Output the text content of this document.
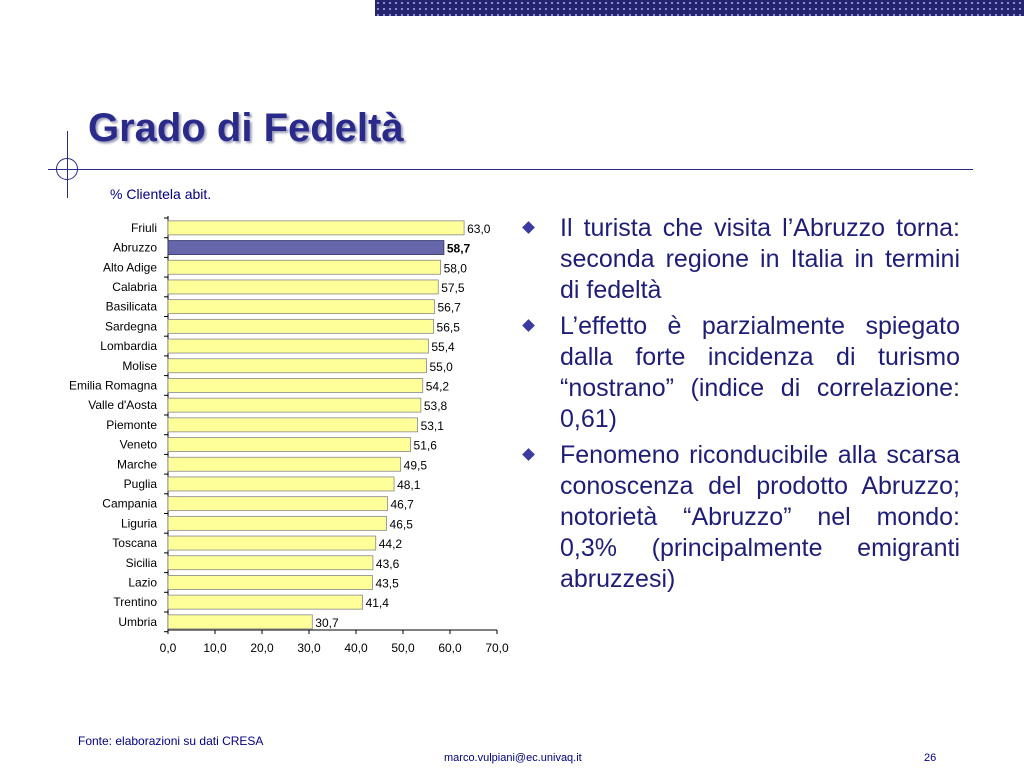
Grado di Fedeltà
% Clientela abit.
Friuli	63,0
Abruzzo	58,7
Alto Adige	58,0
Calabria	57,5
Basilicata	56,7
Sardegna	56,5
Lombardia	55,4
Molise	55,0
Emilia Romagna	54,2
Valle d'Aosta	53,8
Piemonte	53,1
Veneto	51,6
Marche	49,5
Puglia	48,1
Campania	46,7
Liguria	46,5
Toscana	44,2
Sicilia	43,6
Lazio	43,5
Trentino	41,4
Umbria	30,7
0,0 10,0 20,0 30,0 40,0 50,0 60,0 70,0
Il turista che visita l’Abruzzo torna: seconda regione in Italia in termini di fedeltà
L’effetto è parzialmente spiegato dalla forte incidenza di turismo “nostrano” (indice di correlazione: 0,61)
Fenomeno riconducibile alla scarsa conoscenza del prodotto Abruzzo; notorietà “Abruzzo” nel mondo: 0,3% (principalmente emigranti abruzzesi)
Fonte: elaborazioni su dati CRESA
marco.vulpiani@ec.univaq.it	26
